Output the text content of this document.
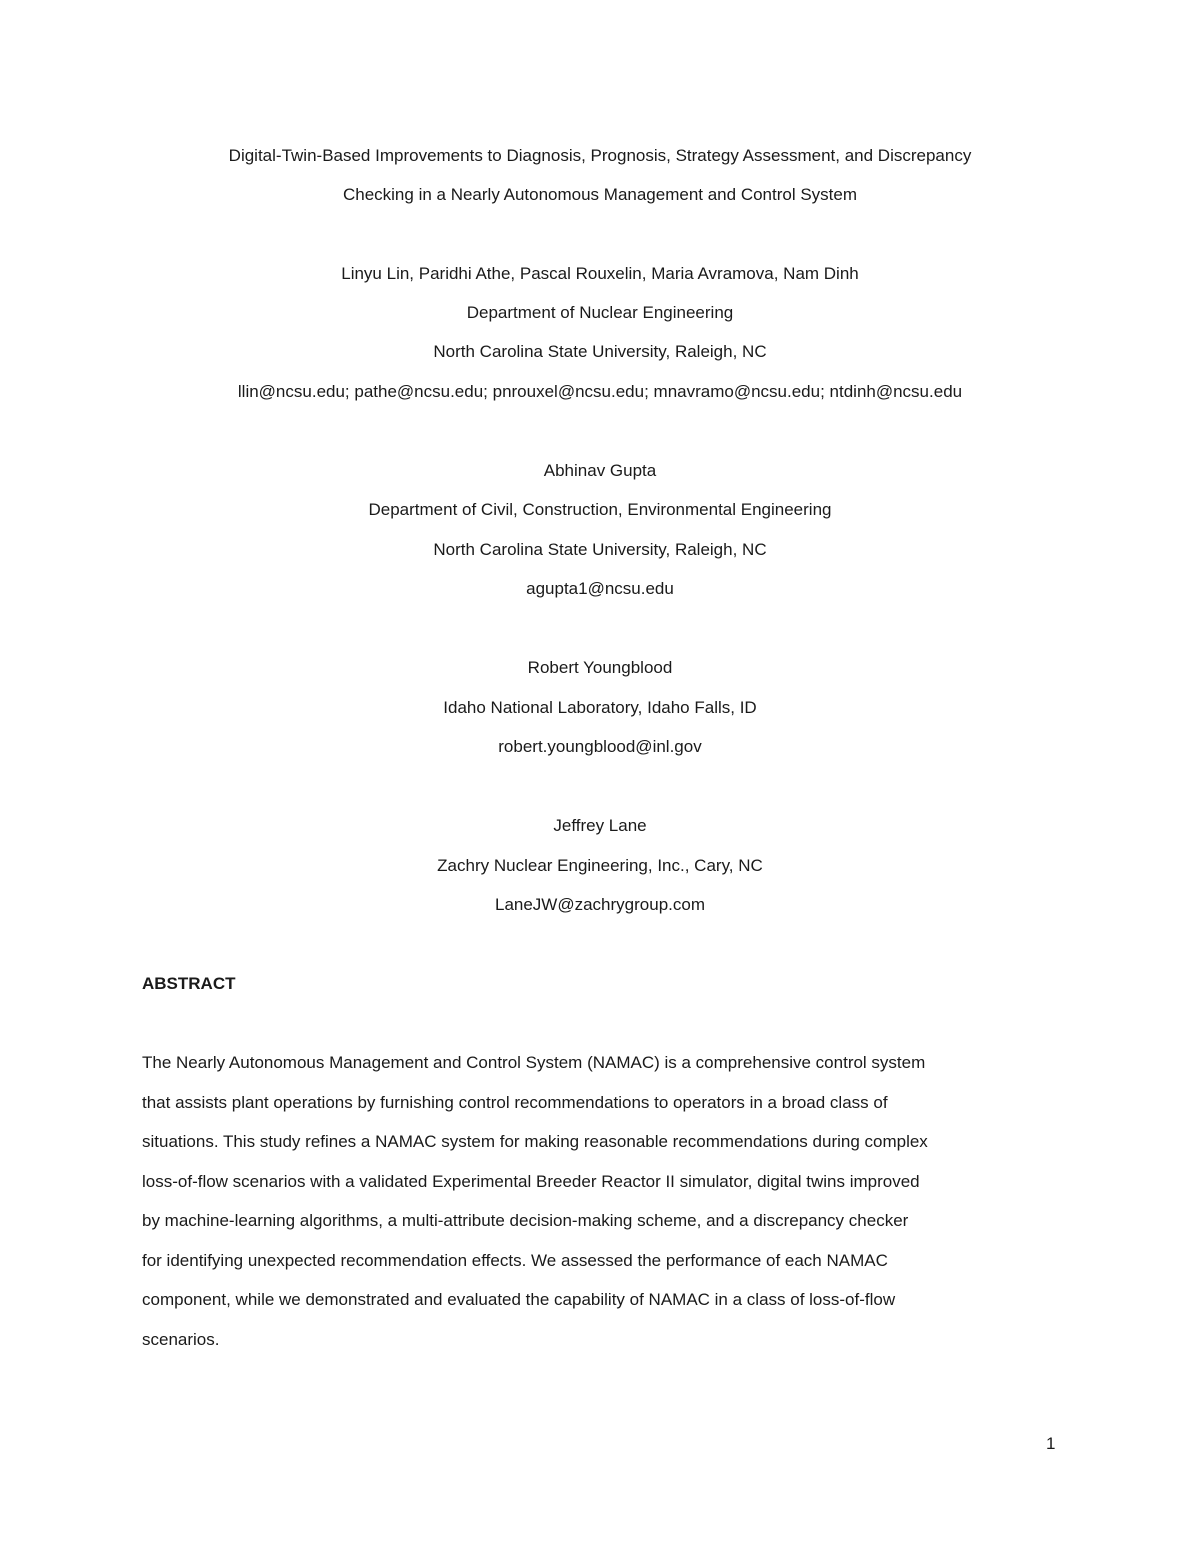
Digital-Twin-Based Improvements to Diagnosis, Prognosis, Strategy Assessment, and Discrepancy
Checking in a Nearly Autonomous Management and Control System
Linyu Lin, Paridhi Athe, Pascal Rouxelin, Maria Avramova, Nam Dinh
Department of Nuclear Engineering
North Carolina State University, Raleigh, NC
llin@ncsu.edu; pathe@ncsu.edu; pnrouxel@ncsu.edu; mnavramo@ncsu.edu; ntdinh@ncsu.edu
Abhinav Gupta
Department of Civil, Construction, Environmental Engineering
North Carolina State University, Raleigh, NC
agupta1@ncsu.edu
Robert Youngblood
Idaho National Laboratory, Idaho Falls, ID
robert.youngblood@inl.gov
Jeffrey Lane
Zachry Nuclear Engineering, Inc., Cary, NC
LaneJW@zachrygroup.com
ABSTRACT
The Nearly Autonomous Management and Control System (NAMAC) is a comprehensive control system
that assists plant operations by furnishing control recommendations to operators in a broad class of
situations. This study refines a NAMAC system for making reasonable recommendations during complex
loss-of-flow scenarios with a validated Experimental Breeder Reactor II simulator, digital twins improved
by machine-learning algorithms, a multi-attribute decision-making scheme, and a discrepancy checker
for identifying unexpected recommendation effects. We assessed the performance of each NAMAC
component, while we demonstrated and evaluated the capability of NAMAC in a class of loss-of-flow
scenarios.
1
